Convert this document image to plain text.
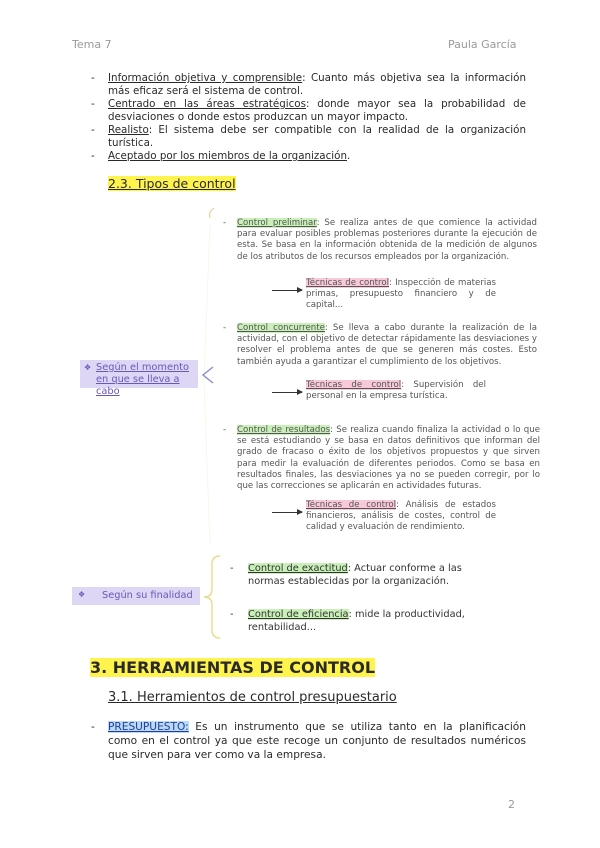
Tema 7	Paula García
- Información objetiva y comprensible: Cuanto más objetiva sea la información más eficaz será el sistema de control.
- Centrado en las áreas estratégicos: donde mayor sea la probabilidad de desviaciones o donde estos produzcan un mayor impacto.
- Realisto: El sistema debe ser compatible con la realidad de la organización turística.
- Aceptado por los miembros de la organización.
2.3. Tipos de control
❖ Según el momento en que se lleva a cabo
- Control preliminar: Se realiza antes de que comience la actividad para evaluar posibles problemas posteriores durante la ejecución de esta. Se basa en la información obtenida de la medición de algunos de los atributos de los recursos empleados por la organización.
Técnicas de control: Inspección de materias primas, presupuesto financiero y de capital...
- Control concurrente: Se lleva a cabo durante la realización de la actividad, con el objetivo de detectar rápidamente las desviaciones y resolver el problema antes de que se generen más costes. Esto también ayuda a garantizar el cumplimiento de los objetivos.
Técnicas de control: Supervisión del personal en la empresa turística.
- Control de resultados: Se realiza cuando finaliza la actividad o lo que se está estudiando y se basa en datos definitivos que informan del grado de fracaso o éxito de los objetivos propuestos y que sirven para medir la evaluación de diferentes periodos. Como se basa en resultados finales, las desviaciones ya no se pueden corregir, por lo que las correcciones se aplicarán en actividades futuras.
Técnicas de control: Análisis de estados financieros, análisis de costes, control de calidad y evaluación de rendimiento.
❖ Según su finalidad
- Control de exactitud: Actuar conforme a las normas establecidas por la organización.
- Control de eficiencia: mide la productividad, rentabilidad...
3. HERRAMIENTAS DE CONTROL
3.1. Herramientos de control presupuestario
- PRESUPUESTO: Es un instrumento que se utiliza tanto en la planificación como en el control ya que este recoge un conjunto de resultados numéricos que sirven para ver como va la empresa.
2
